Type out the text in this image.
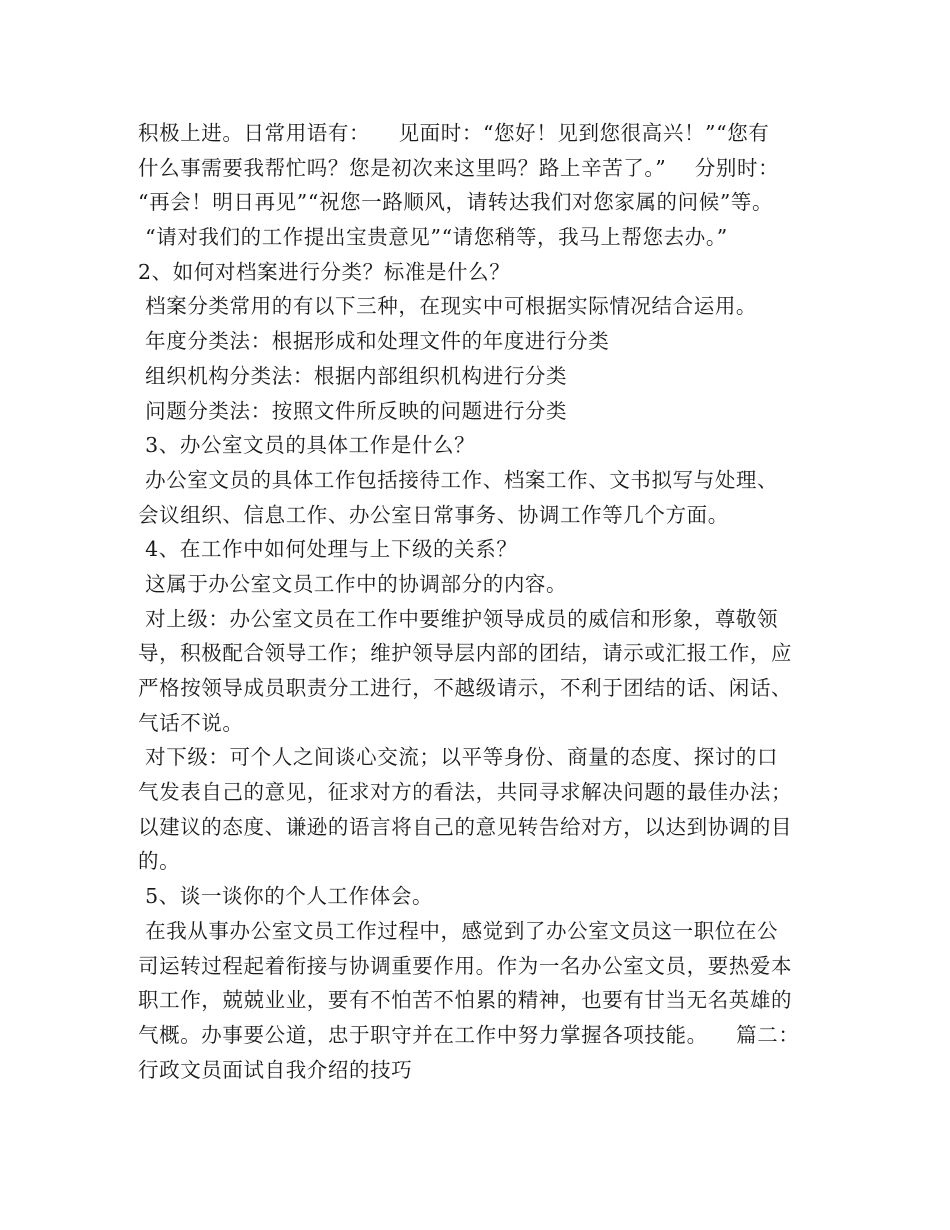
积极上进。日常用语有：    见面时：“您好！见到您很高兴！”“您有
什么事需要我帮忙吗？您是初次来这里吗？路上辛苦了。”    分别时：
“再会！明日再见”“祝您一路顺风，请转达我们对您家属的问候”等。
“请对我们的工作提出宝贵意见”“请您稍等，我马上帮您去办。”
2、如何对档案进行分类？标准是什么？
档案分类常用的有以下三种，在现实中可根据实际情况结合运用。
年度分类法：根据形成和处理文件的年度进行分类
组织机构分类法：根据内部组织机构进行分类
问题分类法：按照文件所反映的问题进行分类
3、办公室文员的具体工作是什么？
办公室文员的具体工作包括接待工作、档案工作、文书拟写与处理、
会议组织、信息工作、办公室日常事务、协调工作等几个方面。
4、在工作中如何处理与上下级的关系？
这属于办公室文员工作中的协调部分的内容。
对上级：办公室文员在工作中要维护领导成员的威信和形象，尊敬领
导，积极配合领导工作；维护领导层内部的团结，请示或汇报工作，应
严格按领导成员职责分工进行，不越级请示，不利于团结的话、闲话、
气话不说。
对下级：可个人之间谈心交流；以平等身份、商量的态度、探讨的口
气发表自己的意见，征求对方的看法，共同寻求解决问题的最佳办法；
以建议的态度、谦逊的语言将自己的意见转告给对方，以达到协调的目
的。
5、谈一谈你的个人工作体会。
在我从事办公室文员工作过程中，感觉到了办公室文员这一职位在公
司运转过程起着衔接与协调重要作用。作为一名办公室文员，要热爱本
职工作，兢兢业业，要有不怕苦不怕累的精神，也要有甘当无名英雄的
气概。办事要公道，忠于职守并在工作中努力掌握各项技能。    篇二：
行政文员面试自我介绍的技巧
